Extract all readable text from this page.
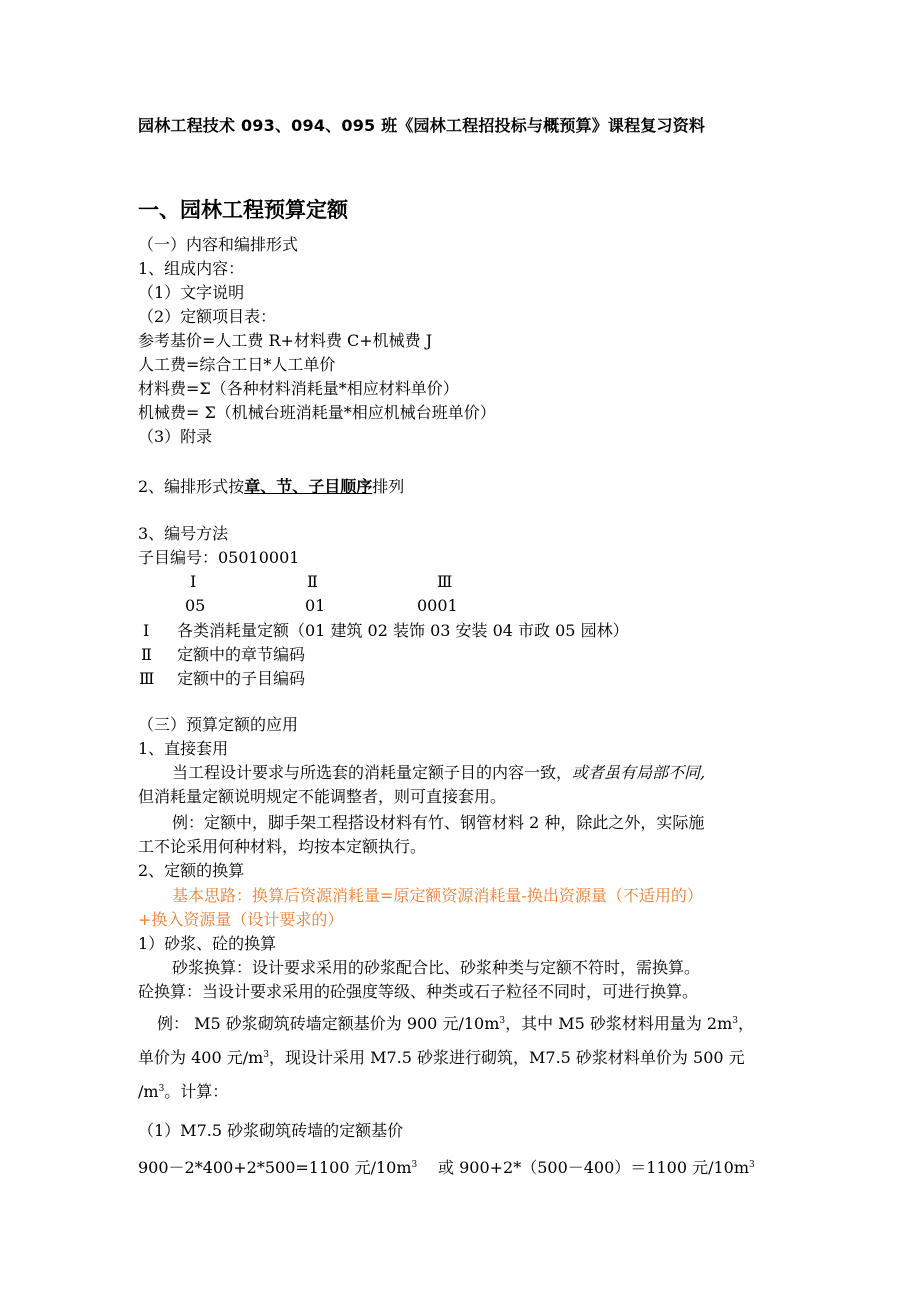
园林工程技术 093、094、095 班《园林工程招投标与概预算》课程复习资料
一、园林工程预算定额
（一）内容和编排形式
1、组成内容：
（1）文字说明
（2）定额项目表：
参考基价=人工费 R+材料费 C+机械费 J
人工费=综合工日*人工单价
材料费=Σ（各种材料消耗量*相应材料单价）
机械费= Σ（机械台班消耗量*相应机械台班单价）
（3）附录
2、编排形式按章、节、子目顺序排列
3、编号方法
子目编号：05010001
Ⅰ	Ⅱ	Ⅲ
05	01	0001
Ⅰ 各类消耗量定额（01 建筑 02 装饰 03 安装 04 市政 05 园林）
Ⅱ 定额中的章节编码
Ⅲ 定额中的子目编码
（三）预算定额的应用
1、直接套用
当工程设计要求与所选套的消耗量定额子目的内容一致，或者虽有局部不同,
但消耗量定额说明规定不能调整者，则可直接套用。
例：定额中，脚手架工程搭设材料有竹、钢管材料 2 种，除此之外，实际施
工不论采用何种材料，均按本定额执行。
2、定额的换算
基本思路：换算后资源消耗量=原定额资源消耗量-换出资源量（不适用的）
+换入资源量（设计要求的）
1）砂浆、砼的换算
砂浆换算：设计要求采用的砂浆配合比、砂浆种类与定额不符时，需换算。
砼换算：当设计要求采用的砼强度等级、种类或石子粒径不同时，可进行换算。
例： M5 砂浆砌筑砖墙定额基价为 900 元$/10m^3$，其中 M5 砂浆材料用量为 $2m^3$，
单价为 400 元$/m^3$，现设计采用 M7.5 砂浆进行砌筑，M7.5 砂浆材料单价为 500 元
$/m^3$。计算：
（1）M7.5 砂浆砌筑砖墙的定额基价
900－2*400+2*500=1100 元$/10m^3$ 或 900+2*（500－400）＝1100 元$/10m^3$
